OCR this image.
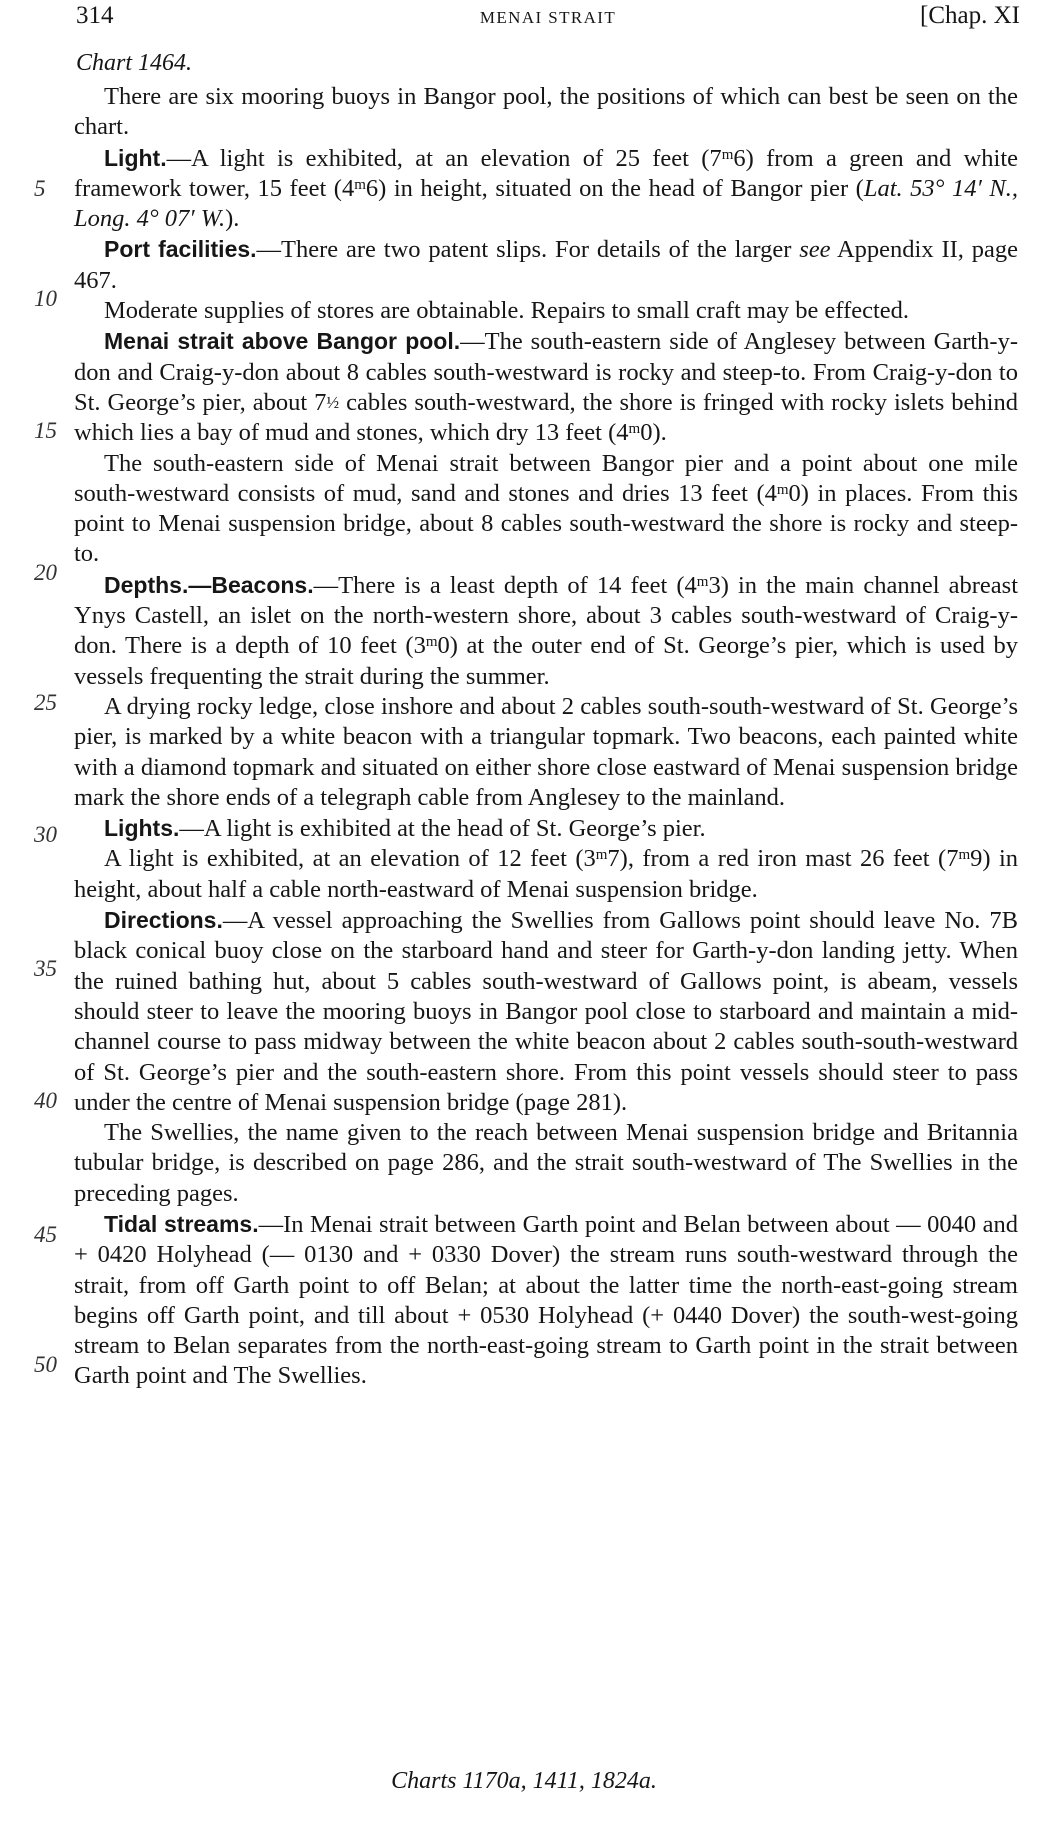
314	MENAI STRAIT	[Chap. XI
Chart 1464.
5
10
15
20
25
30
35
40
45
50

There are six mooring buoys in Bangor pool, the positions of which can best be seen on the chart.

Light.—A light is exhibited, at an elevation of 25 feet (7$^m$6) from a green and white framework tower, 15 feet (4$^m$6) in height, situated on the head of Bangor pier (Lat. 53° 14′ N., Long. 4° 07′ W.).

Port facilities.—There are two patent slips. For details of the larger see Appendix II, page 467.

Moderate supplies of stores are obtainable. Repairs to small craft may be effected.

Menai strait above Bangor pool.—The south-eastern side of Anglesey between Garth-y-don and Craig-y-don about 8 cables south-westward is rocky and steep-to. From Craig-y-don to St. George’s pier, about 7½ cables south-westward, the shore is fringed with rocky islets behind which lies a bay of mud and stones, which dry 13 feet (4$^m$0).

The south-eastern side of Menai strait between Bangor pier and a point about one mile south-westward consists of mud, sand and stones and dries 13 feet (4$^m$0) in places. From this point to Menai suspension bridge, about 8 cables south-westward the shore is rocky and steep-to.

Depths.—Beacons.—There is a least depth of 14 feet (4$^m$3) in the main channel abreast Ynys Castell, an islet on the north-western shore, about 3 cables south-westward of Craig-y-don. There is a depth of 10 feet (3$^m$0) at the outer end of St. George’s pier, which is used by vessels frequenting the strait during the summer.

A drying rocky ledge, close inshore and about 2 cables south-south-westward of St. George’s pier, is marked by a white beacon with a triangular topmark. Two beacons, each painted white with a diamond topmark and situated on either shore close eastward of Menai suspension bridge mark the shore ends of a telegraph cable from Anglesey to the mainland.

Lights.—A light is exhibited at the head of St. George’s pier.

A light is exhibited, at an elevation of 12 feet (3$^m$7), from a red iron mast 26 feet (7$^m$9) in height, about half a cable north-eastward of Menai suspension bridge.

Directions.—A vessel approaching the Swellies from Gallows point should leave No. 7B black conical buoy close on the starboard hand and steer for Garth-y-don landing jetty. When the ruined bathing hut, about 5 cables south-westward of Gallows point, is abeam, vessels should steer to leave the mooring buoys in Bangor pool close to starboard and maintain a mid-channel course to pass midway between the white beacon about 2 cables south-south-westward of St. George’s pier and the south-eastern shore. From this point vessels should steer to pass under the centre of Menai suspension bridge (page 281).

The Swellies, the name given to the reach between Menai suspension bridge and Britannia tubular bridge, is described on page 286, and the strait south-westward of The Swellies in the preceding pages.

Tidal streams.—In Menai strait between Garth point and Belan between about — 0040 and + 0420 Holyhead (— 0130 and + 0330 Dover) the stream runs south-westward through the strait, from off Garth point to off Belan; at about the latter time the north-east-going stream begins off Garth point, and till about + 0530 Holyhead (+ 0440 Dover) the south-west-going stream to Belan separates from the north-east-going stream to Garth point in the strait between Garth point and The Swellies.

Charts 1170a, 1411, 1824a.
